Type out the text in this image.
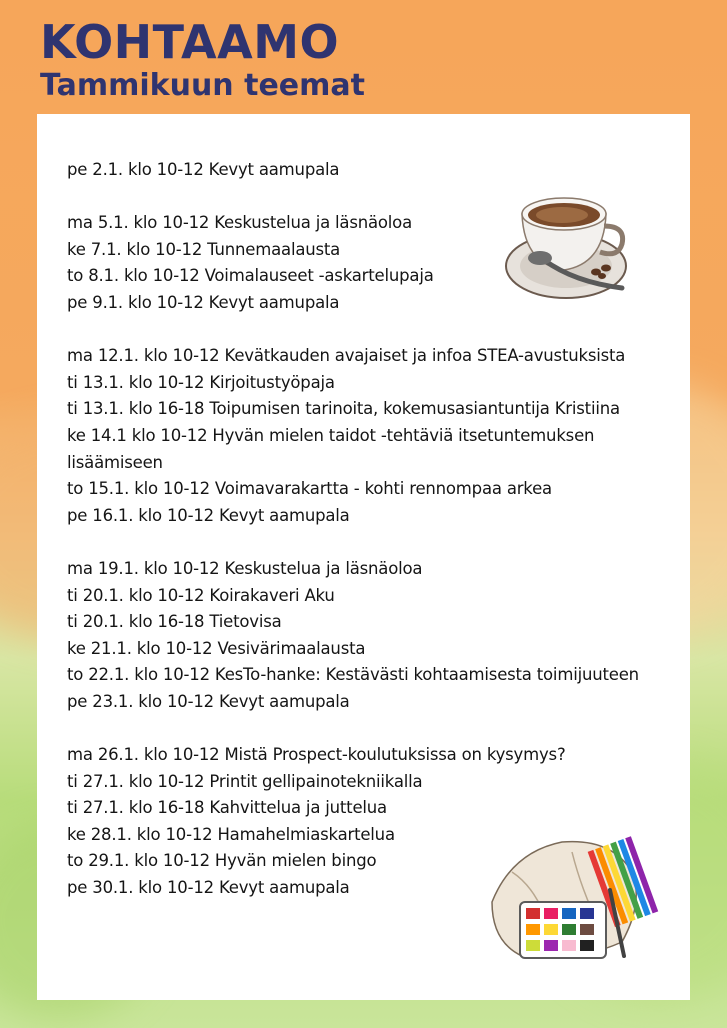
KOHTAAMO
Tammikuun teemat
pe 2.1. klo 10-12 Kevyt aamupala
ma 5.1. klo 10-12 Keskustelua ja läsnäoloa
ke 7.1. klo 10-12 Tunnemaalausta
to 8.1. klo 10-12 Voimalauseet -askartelupaja
pe 9.1. klo 10-12 Kevyt aamupala
ma 12.1. klo 10-12 Kevätkauden avajaiset ja infoa STEA-avustuksista
ti 13.1. klo 10-12 Kirjoitustyöpaja
ti 13.1. klo 16-18 Toipumisen tarinoita, kokemusasiantuntija Kristiina
ke 14.1 klo 10-12 Hyvän mielen taidot -tehtäviä itsetuntemuksen lisäämiseen
to 15.1. klo 10-12 Voimavarakartta - kohti rennompaa arkea
pe 16.1. klo 10-12 Kevyt aamupala
ma 19.1. klo 10-12 Keskustelua ja läsnäoloa
ti 20.1. klo 10-12 Koirakaveri Aku
ti 20.1. klo 16-18 Tietovisa
ke 21.1. klo 10-12 Vesivärimaalausta
to 22.1. klo 10-12 KesTo-hanke: Kestävästi kohtaamisesta toimijuuteen
pe 23.1. klo 10-12 Kevyt aamupala
ma 26.1. klo 10-12 Mistä Prospect-koulutuksissa on kysymys?
ti 27.1. klo 10-12 Printit gellipainotekniikalla
ti 27.1. klo 16-18 Kahvittelua ja juttelua
ke 28.1. klo 10-12 Hamahelmiaskartelua
to 29.1. klo 10-12 Hyvän mielen bingo
pe 30.1. klo 10-12 Kevyt aamupala
